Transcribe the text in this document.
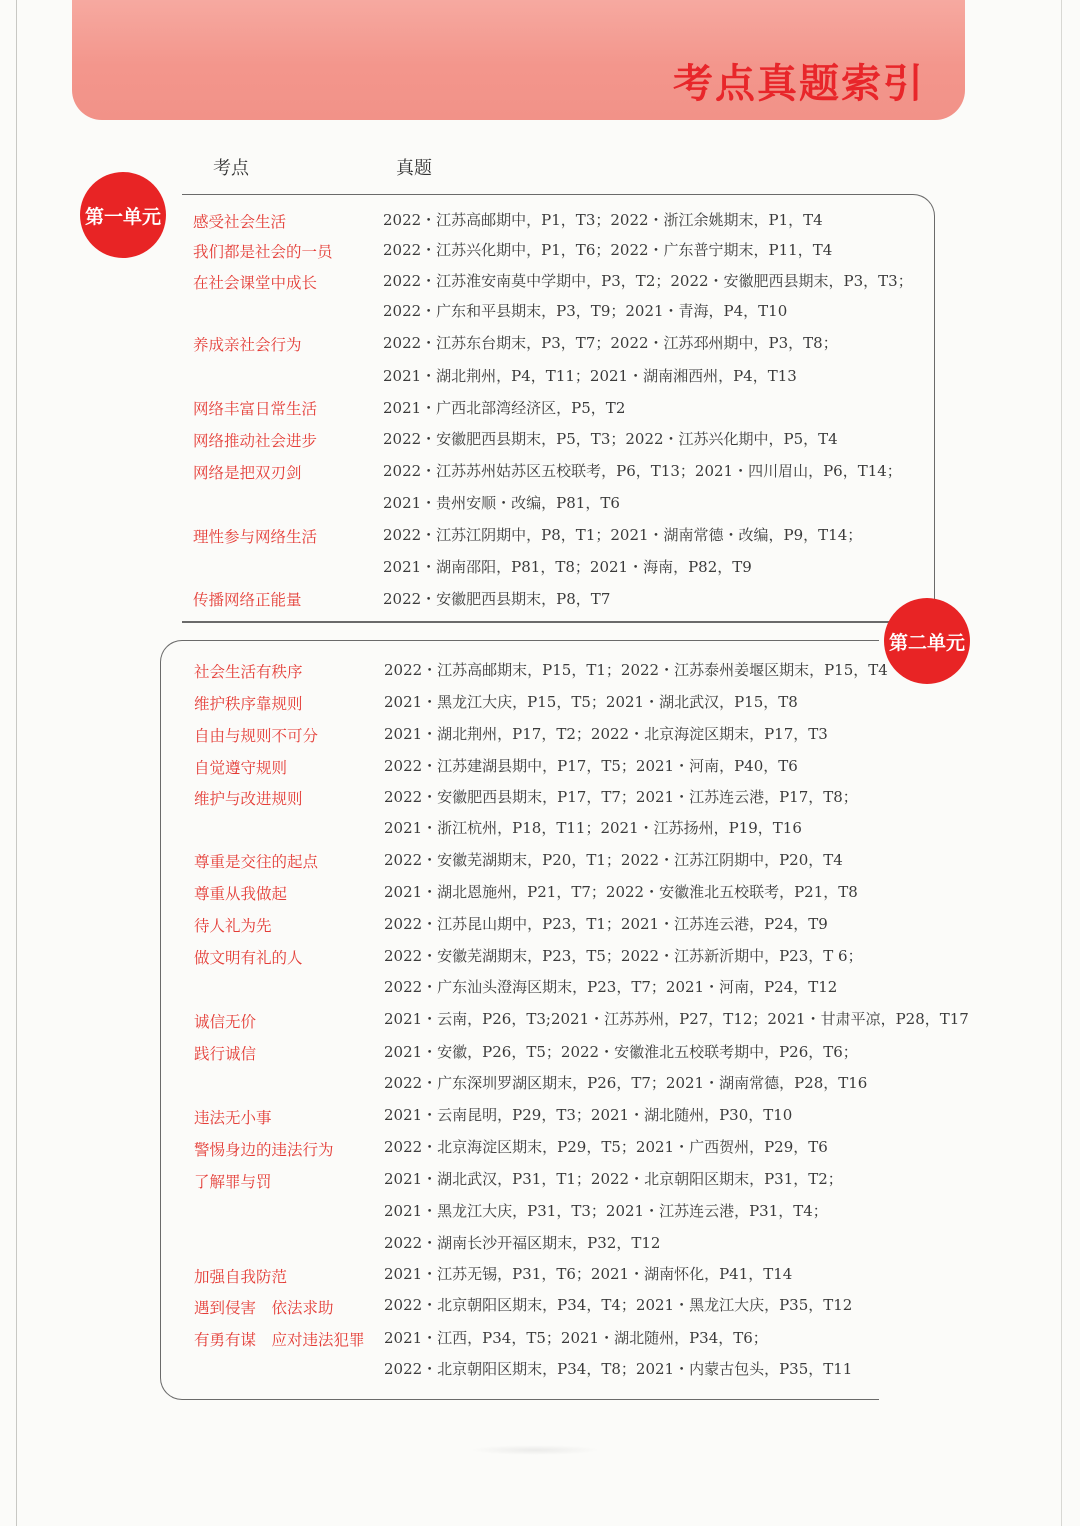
考点真题索引
考点	真题
第一单元
第二单元
感受社会生活
我们都是社会的一员
在社会课堂中成长
养成亲社会行为
网络丰富日常生活
网络推动社会进步
网络是把双刃剑
理性参与网络生活
传播网络正能量
2022・江苏高邮期中，P1，T3；2022・浙江余姚期末，P1，T4
2022・江苏兴化期中，P1，T6；2022・广东普宁期末，P11，T4
2022・江苏淮安南莫中学期中，P3，T2；2022・安徽肥西县期末，P3，T3；
2022・广东和平县期末，P3，T9；2021・青海，P4，T10
2022・江苏东台期末，P3，T7；2022・江苏邳州期中，P3，T8；
2021・湖北荆州，P4，T11；2021・湖南湘西州，P4，T13
2021・广西北部湾经济区，P5，T2
2022・安徽肥西县期末，P5，T3；2022・江苏兴化期中，P5，T4
2022・江苏苏州姑苏区五校联考，P6，T13；2021・四川眉山，P6，T14；
2021・贵州安顺・改编，P81，T6
2022・江苏江阴期中，P8，T1；2021・湖南常德・改编，P9，T14；
2021・湖南邵阳，P81，T8；2021・海南，P82，T9
2022・安徽肥西县期末，P8，T7
社会生活有秩序
维护秩序靠规则
自由与规则不可分
自觉遵守规则
维护与改进规则
尊重是交往的起点
尊重从我做起
待人礼为先
做文明有礼的人
诚信无价
践行诚信
违法无小事
警惕身边的违法行为
了解罪与罚
加强自我防范
遇到侵害　依法求助
有勇有谋　应对违法犯罪
2022・江苏高邮期末，P15，T1；2022・江苏泰州姜堰区期末，P15，T4
2021・黑龙江大庆，P15，T5；2021・湖北武汉，P15，T8
2021・湖北荆州，P17，T2；2022・北京海淀区期末，P17，T3
2022・江苏建湖县期中，P17，T5；2021・河南，P40，T6
2022・安徽肥西县期末，P17，T7；2021・江苏连云港，P17，T8；
2021・浙江杭州，P18，T11；2021・江苏扬州，P19，T16
2022・安徽芜湖期末，P20，T1；2022・江苏江阴期中，P20，T4
2021・湖北恩施州，P21，T7；2022・安徽淮北五校联考，P21，T8
2022・江苏昆山期中，P23，T1；2021・江苏连云港，P24，T9
2022・安徽芜湖期末，P23，T5；2022・江苏新沂期中，P23，T 6；
2022・广东汕头澄海区期末，P23，T7；2021・河南，P24，T12
2021・云南，P26，T3;2021・江苏苏州，P27，T12；2021・甘肃平凉，P28，T17
2021・安徽，P26，T5；2022・安徽淮北五校联考期中，P26，T6；
2022・广东深圳罗湖区期末，P26，T7；2021・湖南常德，P28，T16
2021・云南昆明，P29，T3；2021・湖北随州，P30，T10
2022・北京海淀区期末，P29，T5；2021・广西贺州，P29，T6
2021・湖北武汉，P31，T1；2022・北京朝阳区期末，P31，T2；
2021・黑龙江大庆，P31，T3；2021・江苏连云港，P31，T4；
2022・湖南长沙开福区期末，P32，T12
2021・江苏无锡，P31，T6；2021・湖南怀化，P41，T14
2022・北京朝阳区期末，P34，T4；2021・黑龙江大庆，P35，T12
2021・江西，P34，T5；2021・湖北随州，P34，T6；
2022・北京朝阳区期末，P34，T8；2021・内蒙古包头，P35，T11
